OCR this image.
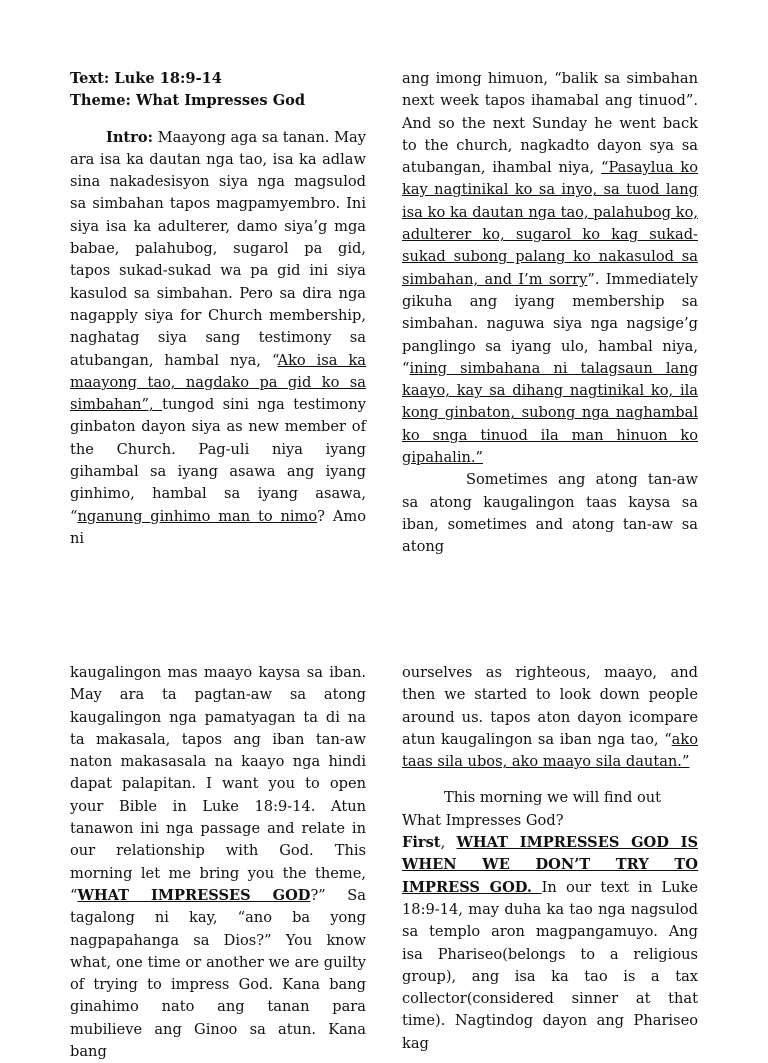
Text: Luke 18:9-14

Theme: What Impresses God

Intro: Maayong aga sa tanan. May ara isa ka dautan nga tao, isa ka adlaw sina nakadesisyon siya nga magsulod sa simbahan tapos magpamyembro. Ini siya isa ka adulterer, damo siya’g mga babae, palahubog, sugarol pa gid, tapos sukad-sukad wa pa gid ini siya kasulod sa simbahan. Pero sa dira nga nagapply siya for Church membership, naghatag siya sang testimony sa atubangan, hambal nya, “Ako isa ka maayong tao, nagdako pa gid ko sa simbahan”, tungod sini nga testimony ginbaton dayon siya as new member of the Church. Pag-uli niya iyang gihambal sa iyang asawa ang iyang ginhimo, hambal sa iyang asawa, “nganung ginhimo man to nimo? Amo ni

ang imong himuon, “balik sa simbahan next week tapos ihamabal ang tinuod”. And so the next Sunday he went back to the church, nagkadto dayon sya sa atubangan, ihambal niya, “Pasaylua ko kay nagtinikal ko sa inyo, sa tuod lang isa ko ka dautan nga tao, palahubog ko, adulterer ko, sugarol ko kag sukad-sukad subong palang ko nakasulod sa simbahan, and I’m sorry”. Immediately gikuha ang iyang membership sa simbahan. naguwa siya nga nagsige’g panglingo sa iyang ulo, hambal niya, “ining simbahana ni talagsaun lang kaayo, kay sa dihang nagtinikal ko, ila kong ginbaton, subong nga naghambal ko snga tinuod ila man hinuon ko gipahalin.”

Sometimes ang atong tan-aw sa atong kaugalingon taas kaysa sa iban, sometimes and atong tan-aw sa atong

kaugalingon mas maayo kaysa sa iban. May ara ta pagtan-aw sa atong kaugalingon nga pamatyagan ta di na ta makasala, tapos ang iban tan-aw naton makasasala na kaayo nga hindi dapat palapitan. I want you to open your Bible in Luke 18:9-14. Atun tanawon ini nga passage and relate in our relationship with God. This morning let me bring you the theme, “WHAT IMPRESSES GOD?” Sa tagalong ni kay, “ano ba yong nagpapahanga sa Dios?” You know what, one time or another we are guilty of trying to impress God. Kana bang ginahimo nato ang tanan para mubilieve ang Ginoo sa atun. Kana bang

ourselves as righteous, maayo, and then we started to look down people around us. tapos aton dayon icompare atun kaugalingon sa iban nga tao, “ako taas sila ubos, ako maayo sila dautan.”

This morning we will find out What Impresses God?

First, WHAT IMPRESSES GOD IS WHEN WE DON’T TRY TO IMPRESS GOD. In our text in Luke 18:9-14, may duha ka tao nga nagsulod sa templo aron magpangamuyo. Ang isa Phariseo(belongs to a religious group), ang isa ka tao is a tax collector(considered sinner at that time). Nagtindog dayon ang Phariseo kag
